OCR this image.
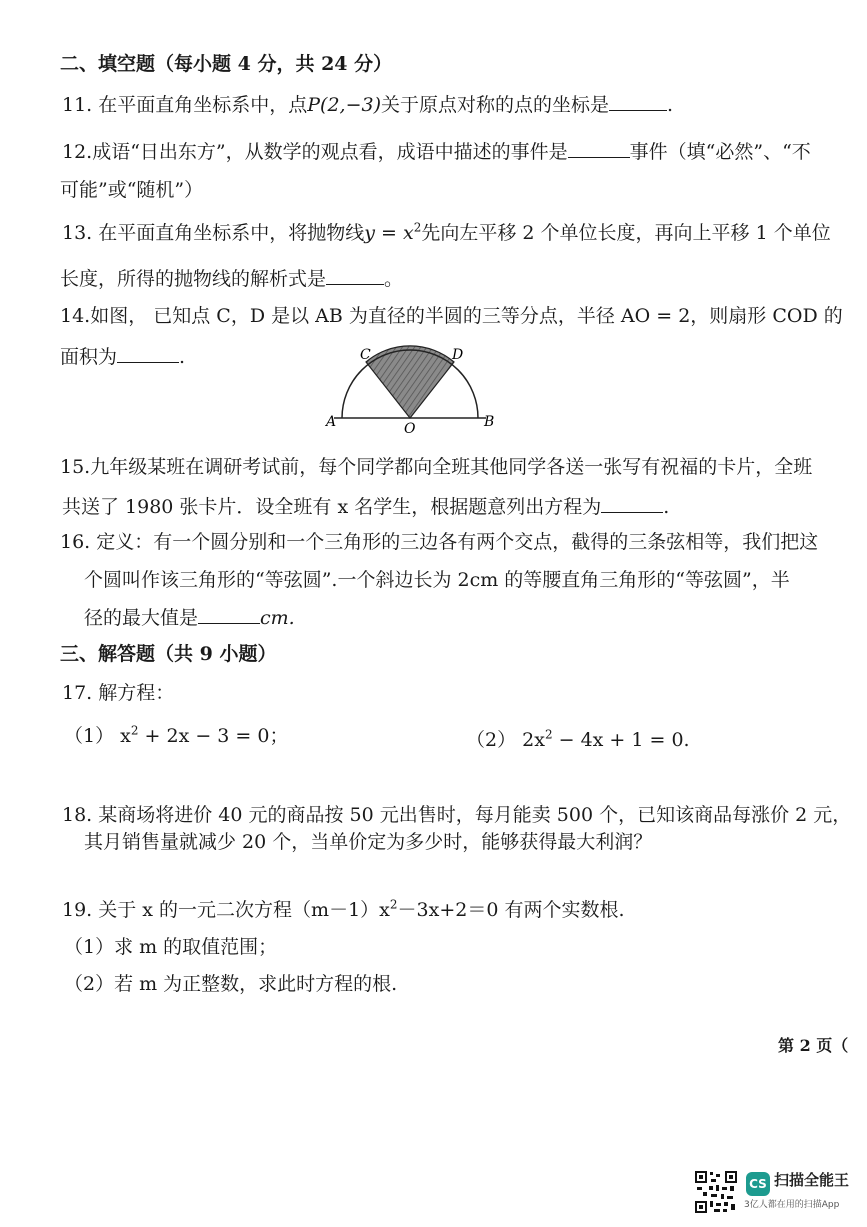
二、填空题（每小题 4 分，共 24 分）
11. 在平面直角坐标系中，点P(2,−3)关于原点对称的点的坐标是	.
12.成语“日出东方”，从数学的观点看，成语中描述的事件是	事件（填“必然”、“不
可能”或“随机”）
13. 在平面直角坐标系中，将抛物线$y = x^2$先向左平移 2 个单位长度，再向上平移 1 个单位
长度，所得的抛物线的解析式是	。
14.如图， 已知点 C，D 是以 AB 为直径的半圆的三等分点，半径 AO = 2，则扇形 COD 的
面积为	.
A	B
C	D
O
15.九年级某班在调研考试前，每个同学都向全班其他同学各送一张写有祝福的卡片，全班
共送了 1980 张卡片．设全班有 x 名学生，根据题意列出方程为	.
16. 定义：有一个圆分别和一个三角形的三边各有两个交点，截得的三条弦相等，我们把这
个圆叫作该三角形的“等弦圆”.一个斜边长为 2cm 的等腰直角三角形的“等弦圆”，半
径的最大值是	cm.
三、解答题（共 9 小题）
17. 解方程：
（1） $x^2 + 2x - 3 = 0$；	（2） $2x^2 - 4x + 1 = 0$.
18. 某商场将进价 40 元的商品按 50 元出售时，每月能卖 500 个，已知该商品每涨价 2 元，
其月销售量就减少 20 个，当单价定为多少时，能够获得最大利润？
19. 关于 x 的一元二次方程$(m-1)x^2-3x+2=0$ 有两个实数根.
（1）求 m 的取值范围；
（2）若 m 为正整数，求此时方程的根.
第 2 页（
CS 扫描全能王
3亿人都在用的扫描App
